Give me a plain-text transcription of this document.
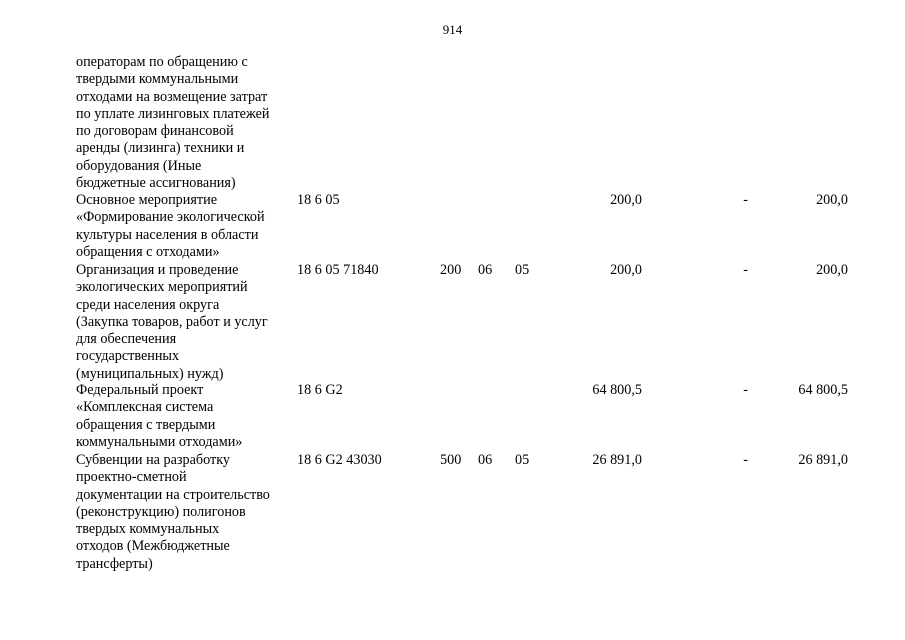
914
операторам по обращению с
твердыми коммунальными
отходами на возмещение затрат
по уплате лизинговых платежей
по договорам финансовой
аренды (лизинга) техники и
оборудования (Иные
бюджетные ассигнования)
Основное мероприятие
«Формирование экологической
культуры населения в области
обращения с отходами»
18 6 05	200,0	-	200,0
Организация и проведение
экологических мероприятий
среди населения округа
(Закупка товаров, работ и услуг
для обеспечения
государственных
(муниципальных) нужд)
18 6 05 71840	200 06 05	200,0	-	200,0
Федеральный проект
«Комплексная система
обращения с твердыми
коммунальными отходами»
18 6 G2	64 800,5	-	64 800,5
Субвенции на разработку
проектно-сметной
документации на строительство
(реконструкцию) полигонов
твердых коммунальных
отходов (Межбюджетные
трансферты)
18 6 G2 43030	500 06 05	26 891,0	-	26 891,0
